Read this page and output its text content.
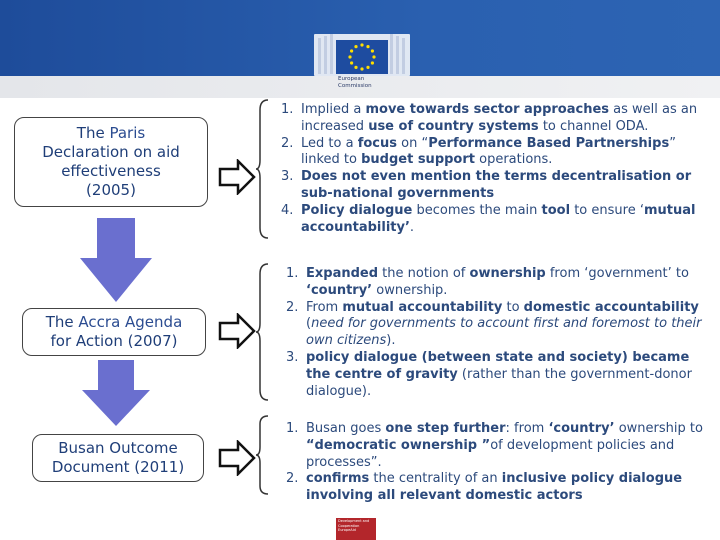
European
Commission
The Paris
Declaration on aid
effectiveness
(2005)
The Accra Agenda
for Action (2007)
Busan Outcome
Document (2011)
1. Implied a move towards sector approaches as well as an increased use of country systems to channel ODA.
2. Led to a focus on “Performance Based Partnerships” linked to budget support operations.
3. Does not even mention the terms decentralisation or sub-national governments
4. Policy dialogue becomes the main tool to ensure ‘mutual accountability’.
1. Expanded the notion of ownership from ‘government’ to ‘country’ ownership.
2. From mutual accountability to domestic accountability (need for governments to account first and foremost to their own citizens).
3. policy dialogue (between state and society) became the centre of gravity (rather than the government-donor dialogue).
1. Busan goes one step further: from ‘country’ ownership to “democratic ownership ”of development policies and processes”.
2. confirms the centrality of an inclusive policy dialogue involving all relevant domestic actors
Development and Cooperation EuropeAid
